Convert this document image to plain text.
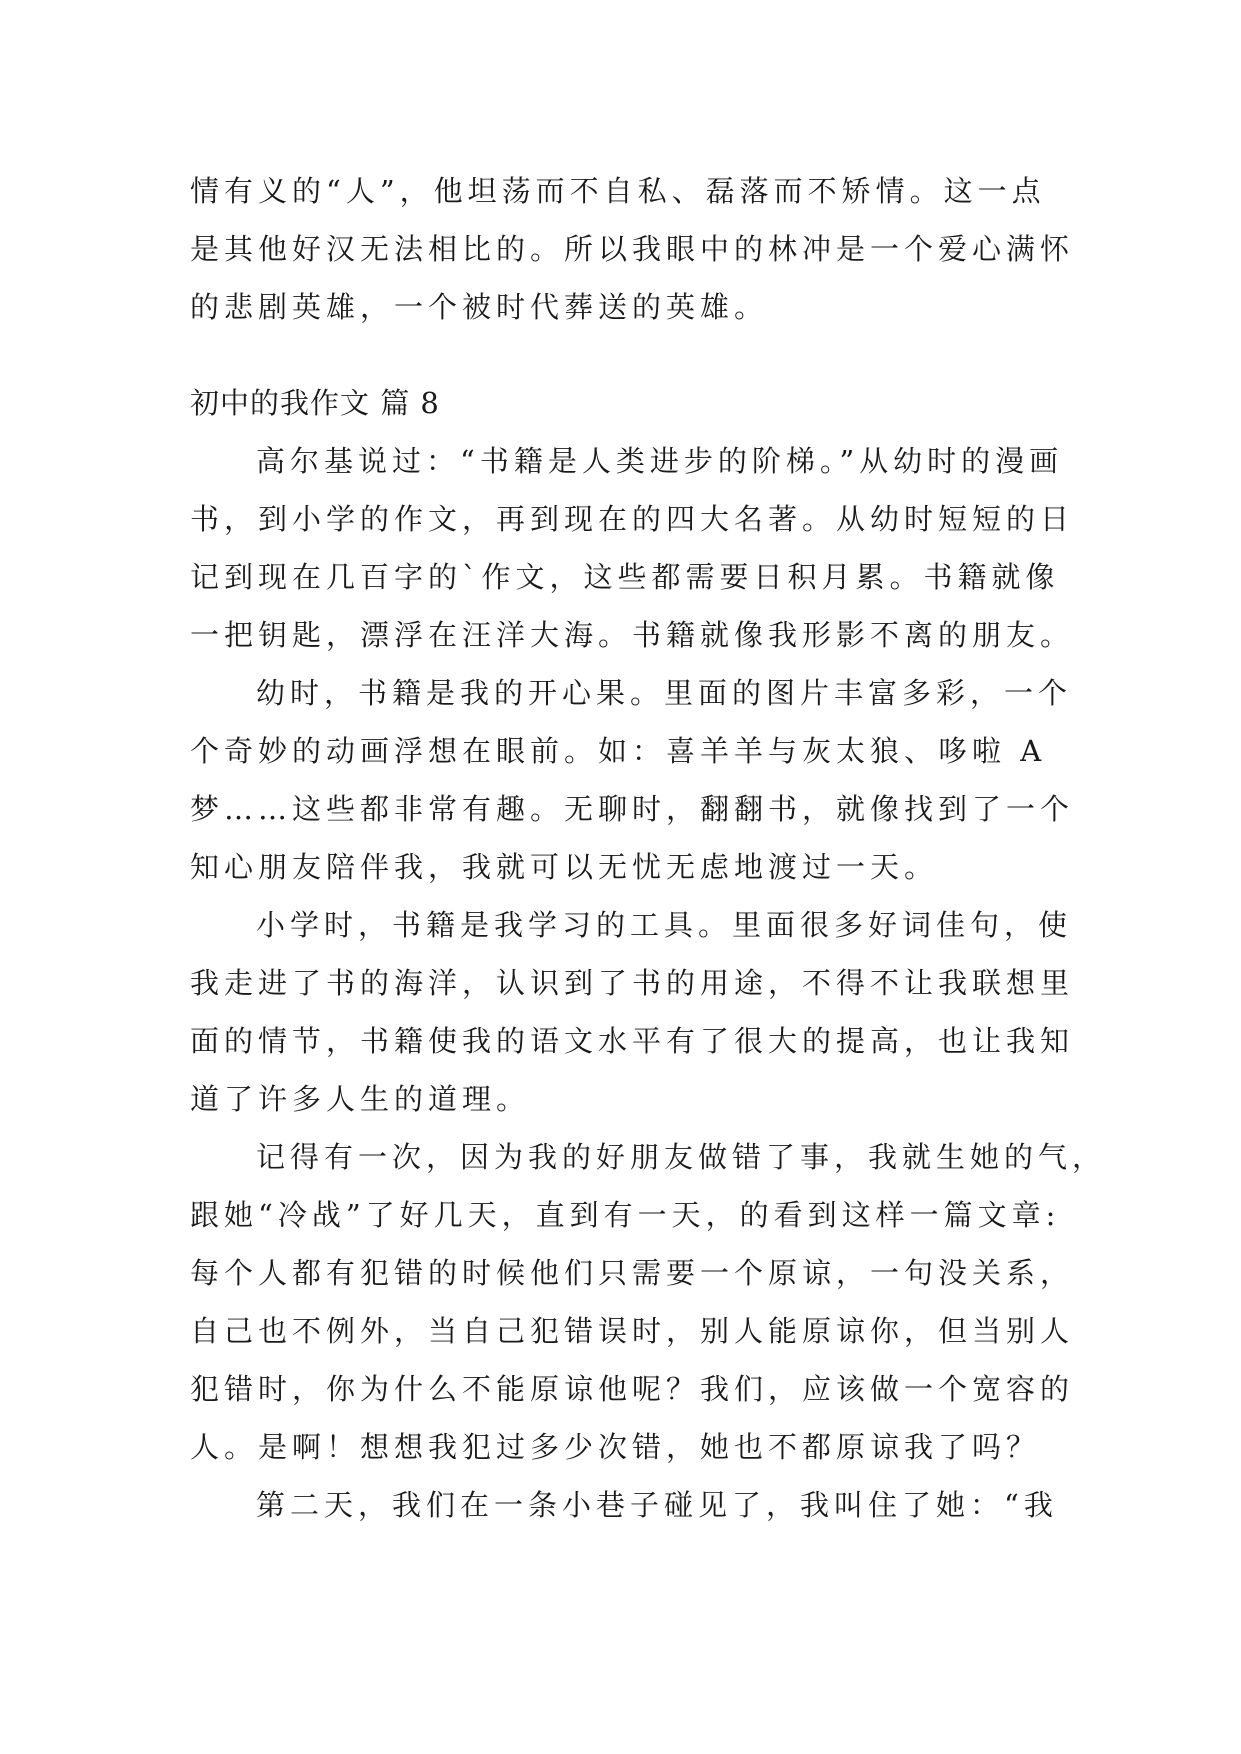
情有义的“人”，他坦荡而不自私、磊落而不矫情。这一点
是其他好汉无法相比的。所以我眼中的林冲是一个爱心满怀
的悲剧英雄，一个被时代葬送的英雄。
初中的我作文 篇 8
高尔基说过：“书籍是人类进步的阶梯。”从幼时的漫画
书，到小学的作文，再到现在的四大名著。从幼时短短的日
记到现在几百字的`作文，这些都需要日积月累。书籍就像
一把钥匙，漂浮在汪洋大海。书籍就像我形影不离的朋友。
幼时，书籍是我的开心果。里面的图片丰富多彩，一个
个奇妙的动画浮想在眼前。如：喜羊羊与灰太狼、哆啦 A
梦……这些都非常有趣。无聊时，翻翻书，就像找到了一个
知心朋友陪伴我，我就可以无忧无虑地渡过一天。
小学时，书籍是我学习的工具。里面很多好词佳句，使
我走进了书的海洋，认识到了书的用途，不得不让我联想里
面的情节，书籍使我的语文水平有了很大的提高，也让我知
道了许多人生的道理。
记得有一次，因为我的好朋友做错了事，我就生她的气，
跟她“冷战”了好几天，直到有一天，的看到这样一篇文章:
每个人都有犯错的时候他们只需要一个原谅，一句没关系，
自己也不例外，当自己犯错误时，别人能原谅你，但当别人
犯错时，你为什么不能原谅他呢？我们，应该做一个宽容的
人。是啊！想想我犯过多少次错，她也不都原谅我了吗？
第二天，我们在一条小巷子碰见了，我叫住了她：“我
